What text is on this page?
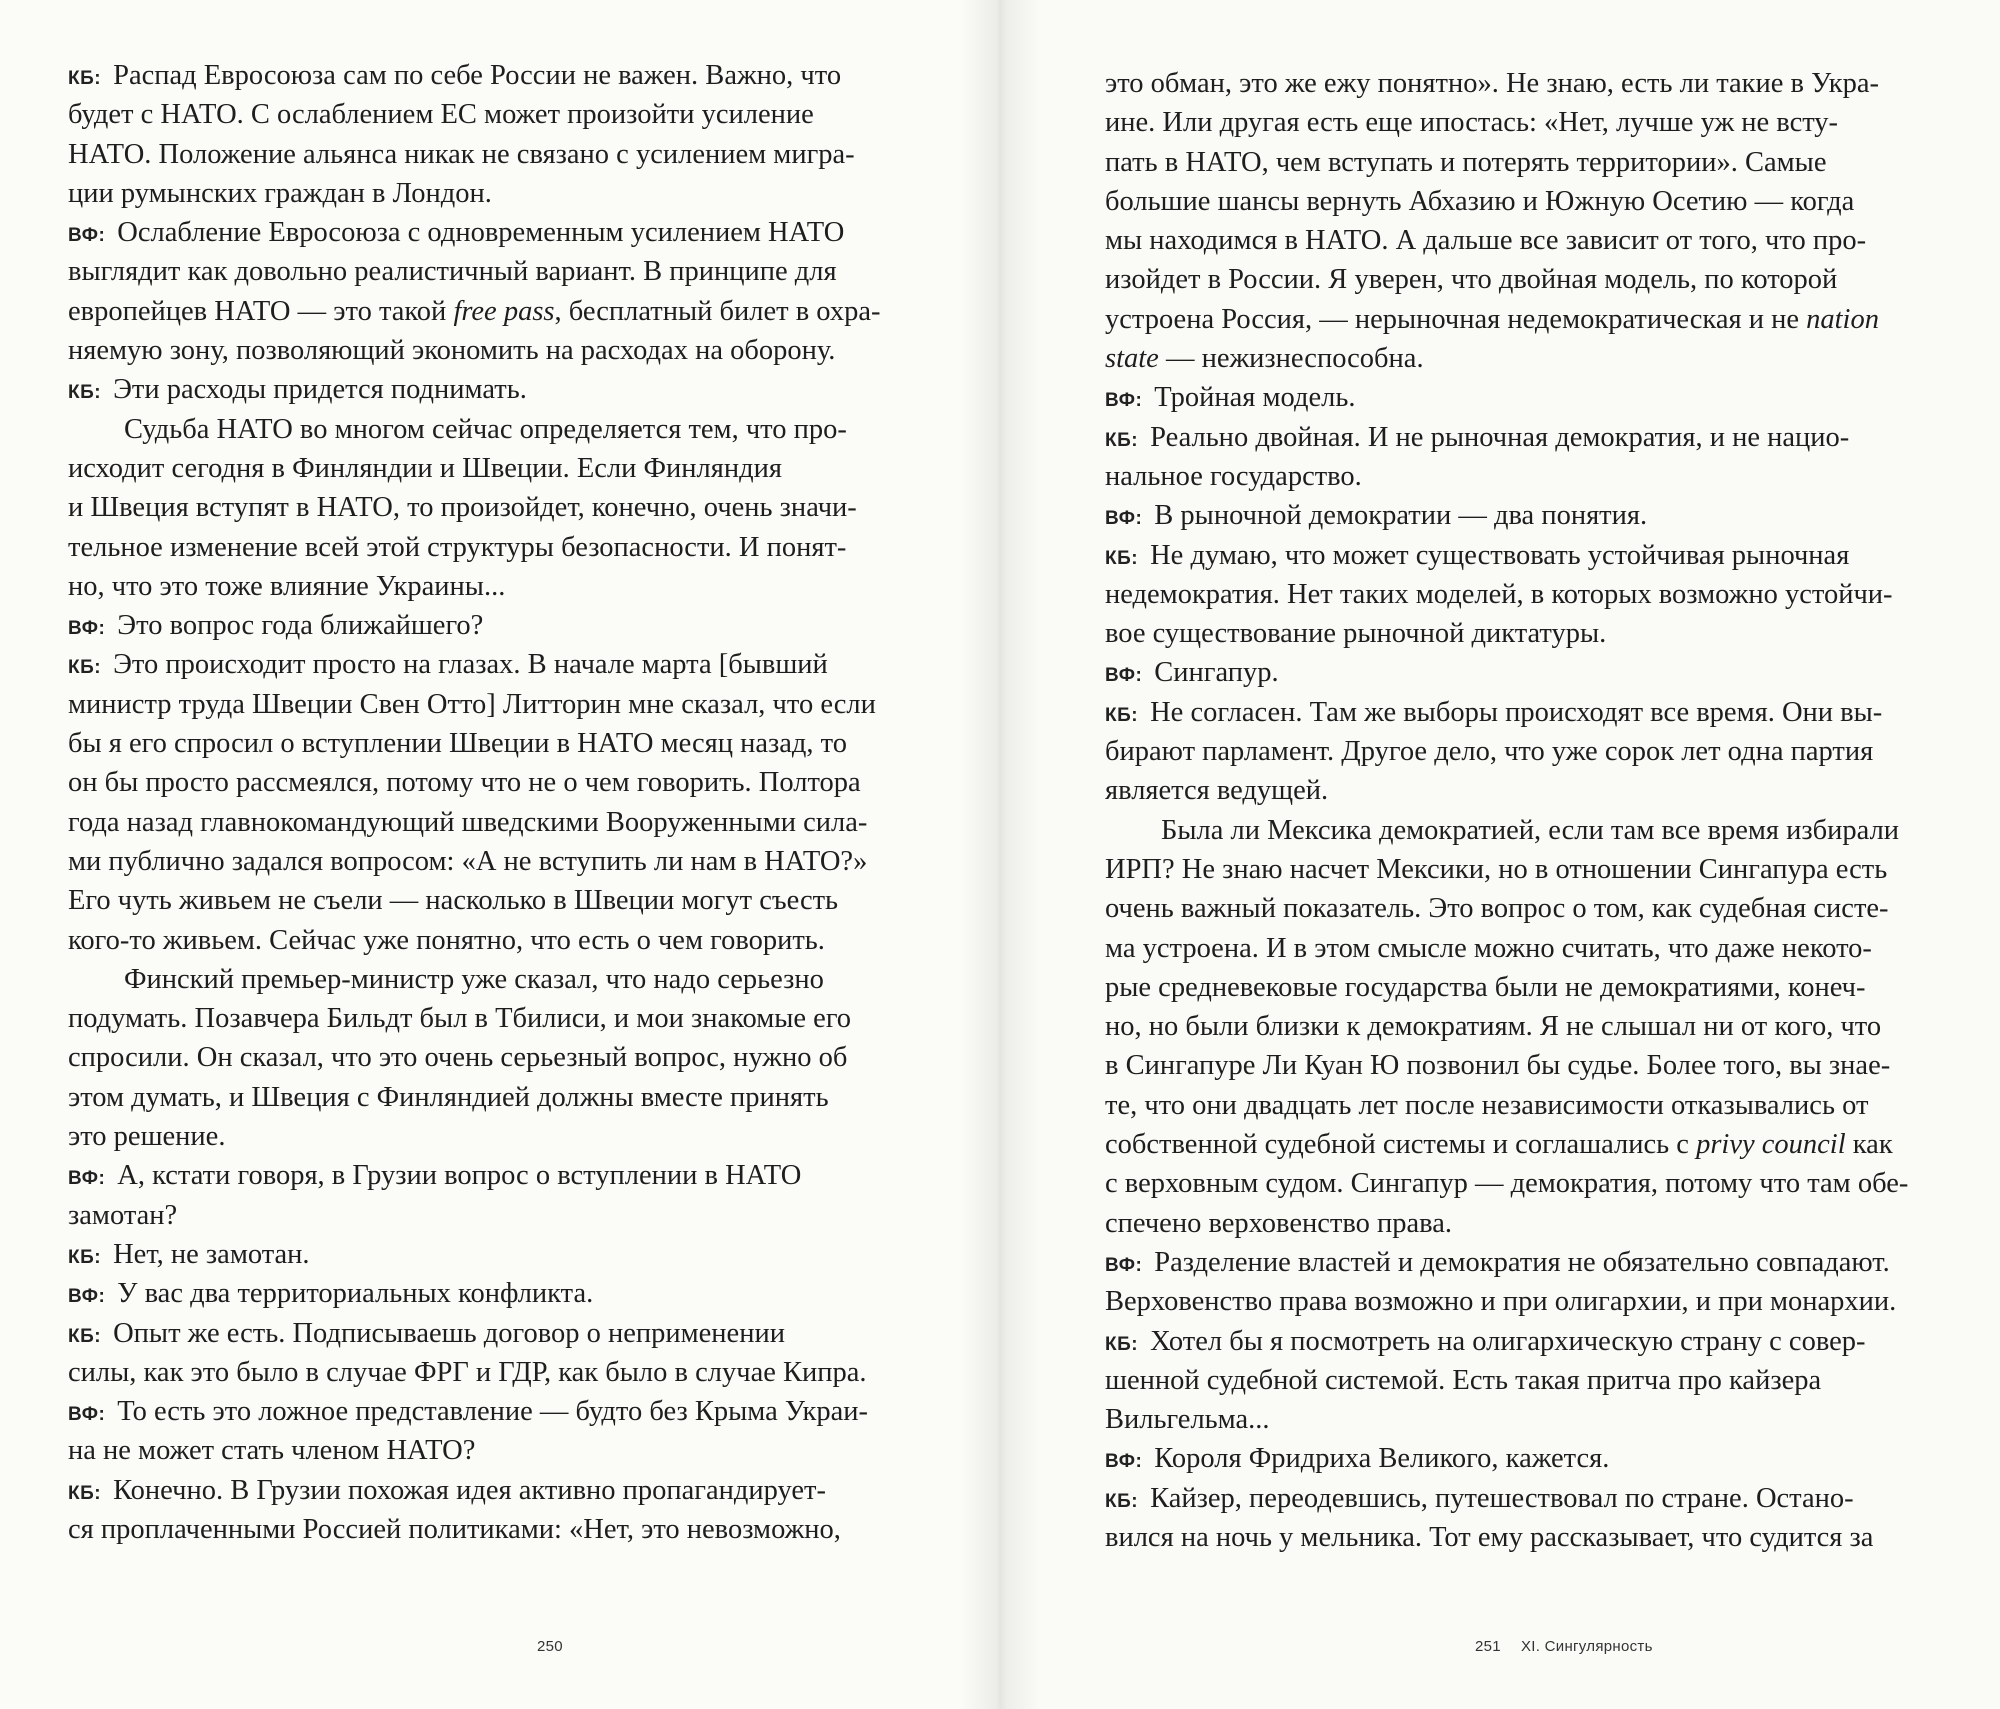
КБ: Распад Евросоюза сам по себе России не важен. Важно, что
будет с НАТО. С ослаблением ЕС может произойти усиление
НАТО. Положение альянса никак не связано с усилением мигра-
ции румынских граждан в Лондон.
ВФ: Ослабление Евросоюза с одновременным усилением НАТО
выглядит как довольно реалистичный вариант. В принципе для
европейцев НАТО — это такой free pass, бесплатный билет в охра-
няемую зону, позволяющий экономить на расходах на оборону.
КБ: Эти расходы придется поднимать.
Судьба НАТО во многом сейчас определяется тем, что про-
исходит сегодня в Финляндии и Швеции. Если Финляндия
и Швеция вступят в НАТО, то произойдет, конечно, очень значи-
тельное изменение всей этой структуры безопасности. И понят-
но, что это тоже влияние Украины...
ВФ: Это вопрос года ближайшего?
КБ: Это происходит просто на глазах. В начале марта [бывший
министр труда Швеции Свен Отто] Литторин мне сказал, что если
бы я его спросил о вступлении Швеции в НАТО месяц назад, то
он бы просто рассмеялся, потому что не о чем говорить. Полтора
года назад главнокомандующий шведскими Вооруженными сила-
ми публично задался вопросом: «А не вступить ли нам в НАТО?»
Его чуть живьем не съели — насколько в Швеции могут съесть
кого-то живьем. Сейчас уже понятно, что есть о чем говорить.
Финский премьер-министр уже сказал, что надо серьезно
подумать. Позавчера Бильдт был в Тбилиси, и мои знакомые его
спросили. Он сказал, что это очень серьезный вопрос, нужно об
этом думать, и Швеция с Финляндией должны вместе принять
это решение.
ВФ: А, кстати говоря, в Грузии вопрос о вступлении в НАТО
замотан?
КБ: Нет, не замотан.
ВФ: У вас два территориальных конфликта.
КБ: Опыт же есть. Подписываешь договор о неприменении
силы, как это было в случае ФРГ и ГДР, как было в случае Кипра.
ВФ: То есть это ложное представление — будто без Крыма Украи-
на не может стать членом НАТО?
КБ: Конечно. В Грузии похожая идея активно пропагандирует-
ся проплаченными Россией политиками: «Нет, это невозможно,
250
это обман, это же ежу понятно». Не знаю, есть ли такие в Укра-
ине. Или другая есть еще ипостась: «Нет, лучше уж не всту-
пать в НАТО, чем вступать и потерять территории». Самые
большие шансы вернуть Абхазию и Южную Осетию — когда
мы находимся в НАТО. А дальше все зависит от того, что про-
изойдет в России. Я уверен, что двойная модель, по которой
устроена Россия, — нерыночная недемократическая и не nation
state — нежизнеспособна.
ВФ: Тройная модель.
КБ: Реально двойная. И не рыночная демократия, и не нацио-
нальное государство.
ВФ: В рыночной демократии — два понятия.
КБ: Не думаю, что может существовать устойчивая рыночная
недемократия. Нет таких моделей, в которых возможно устойчи-
вое существование рыночной диктатуры.
ВФ: Сингапур.
КБ: Не согласен. Там же выборы происходят все время. Они вы-
бирают парламент. Другое дело, что уже сорок лет одна партия
является ведущей.
Была ли Мексика демократией, если там все время избирали
ИРП? Не знаю насчет Мексики, но в отношении Сингапура есть
очень важный показатель. Это вопрос о том, как судебная систе-
ма устроена. И в этом смысле можно считать, что даже некото-
рые средневековые государства были не демократиями, конеч-
но, но были близки к демократиям. Я не слышал ни от кого, что
в Сингапуре Ли Куан Ю позвонил бы судье. Более того, вы знае-
те, что они двадцать лет после независимости отказывались от
собственной судебной системы и соглашались с privy council как
с верховным судом. Сингапур — демократия, потому что там обе-
спечено верховенство права.
ВФ: Разделение властей и демократия не обязательно совпадают.
Верховенство права возможно и при олигархии, и при монархии.
КБ: Хотел бы я посмотреть на олигархическую страну с совер-
шенной судебной системой. Есть такая притча про кайзера
Вильгельма...
ВФ: Короля Фридриха Великого, кажется.
КБ: Кайзер, переодевшись, путешествовал по стране. Остано-
вился на ночь у мельника. Тот ему рассказывает, что судится за
251 XI. Сингулярность
